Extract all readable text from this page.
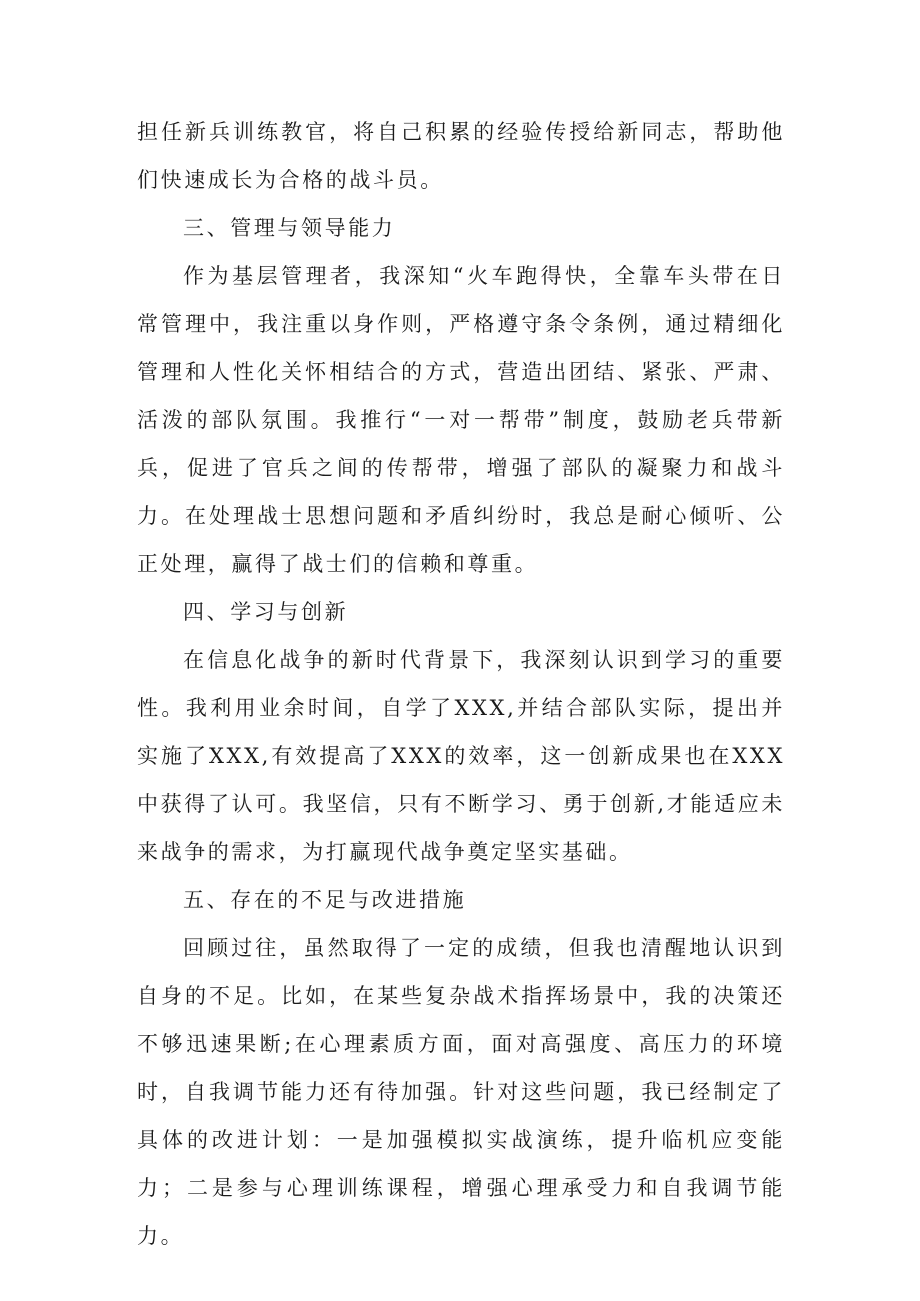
担任新兵训练教官，将自己积累的经验传授给新同志，帮助他们快速成长为合格的战斗员。

三、管理与领导能力

作为基层管理者，我深知“火车跑得快，全靠车头带在日常管理中，我注重以身作则，严格遵守条令条例，通过精细化管理和人性化关怀相结合的方式，营造出团结、紧张、严肃、活泼的部队氛围。我推行“一对一帮带”制度，鼓励老兵带新兵，促进了官兵之间的传帮带，增强了部队的凝聚力和战斗力。在处理战士思想问题和矛盾纠纷时，我总是耐心倾听、公正处理，赢得了战士们的信赖和尊重。

四、学习与创新

在信息化战争的新时代背景下，我深刻认识到学习的重要性。我利用业余时间，自学了XXX,并结合部队实际，提出并实施了XXX,有效提高了XXX的效率，这一创新成果也在XXX中获得了认可。我坚信，只有不断学习、勇于创新,才能适应未来战争的需求，为打赢现代战争奠定坚实基础。

五、存在的不足与改进措施

回顾过往，虽然取得了一定的成绩，但我也清醒地认识到自身的不足。比如，在某些复杂战术指挥场景中，我的决策还不够迅速果断;在心理素质方面，面对高强度、高压力的环境时，自我调节能力还有待加强。针对这些问题，我已经制定了具体的改进计划：一是加强模拟实战演练，提升临机应变能力；二是参与心理训练课程，增强心理承受力和自我调节能力。
